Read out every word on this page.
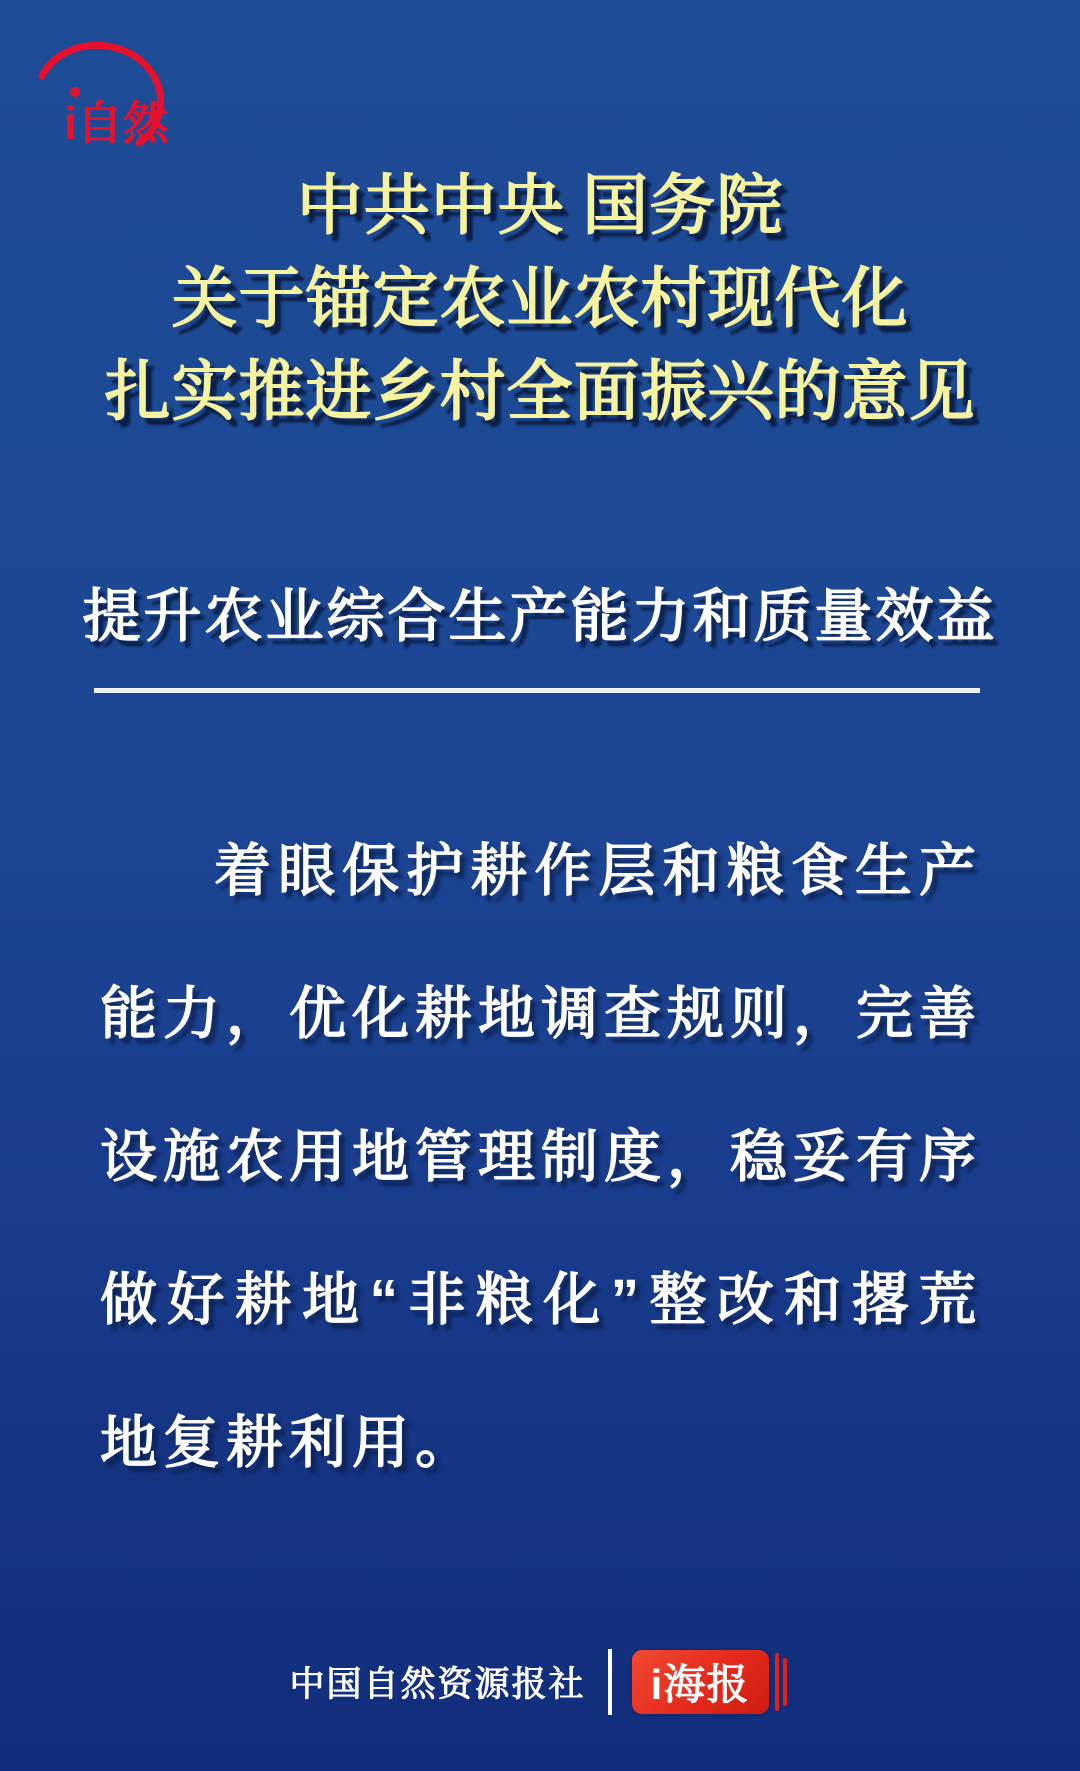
i自然
中共中央 国务院
关于锚定农业农村现代化
扎实推进乡村全面振兴的意见
提升农业综合生产能力和质量效益
着眼保护耕作层和粮食生产
能力，优化耕地调查规则，完善
设施农用地管理制度，稳妥有序
做好耕地“非粮化”整改和撂荒
地复耕利用。
中国自然资源报社	i海报
